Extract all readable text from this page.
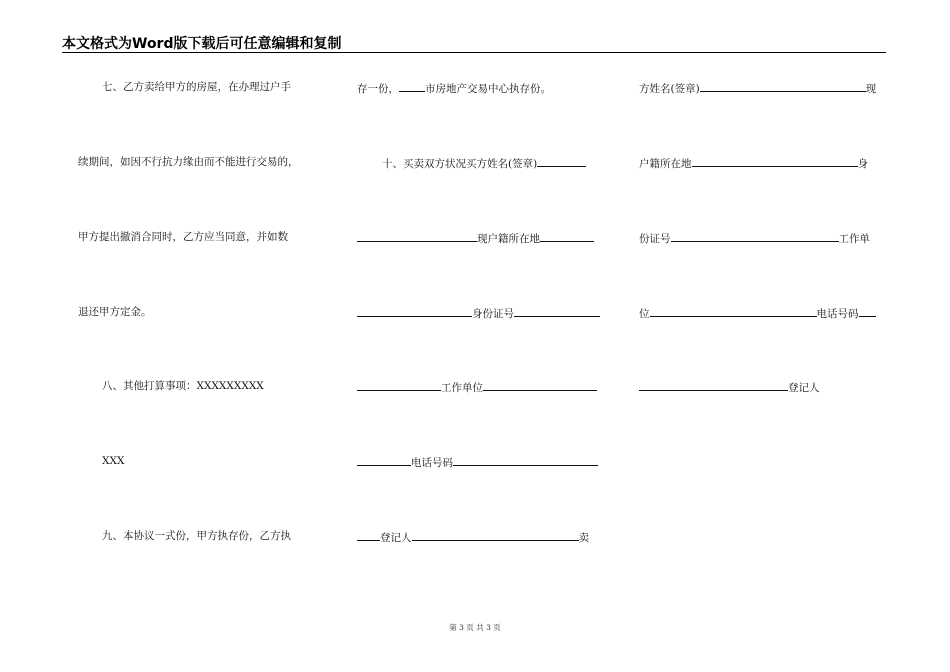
本文格式为Word版下载后可任意编辑和复制
七、乙方卖给甲方的房屋，在办理过户手
续期间，如因不行抗力缘由而不能进行交易的，
甲方提出撤消合同时，乙方应当同意，并如数
退还甲方定金。
八、其他打算事项：XXXXXXXXX
XXX
九、本协议一式份，甲方执存份，乙方执
存一份， 市房地产交易中心执存份。
十、买卖双方状况买方姓名(签章)
现户籍所在地
身份证号
工作单位
电话号码
登记人	卖
方姓名(签章)	现
户籍所在地	身
份证号	工作单
位	电话号码
登记人
第 3 页 共 3 页
